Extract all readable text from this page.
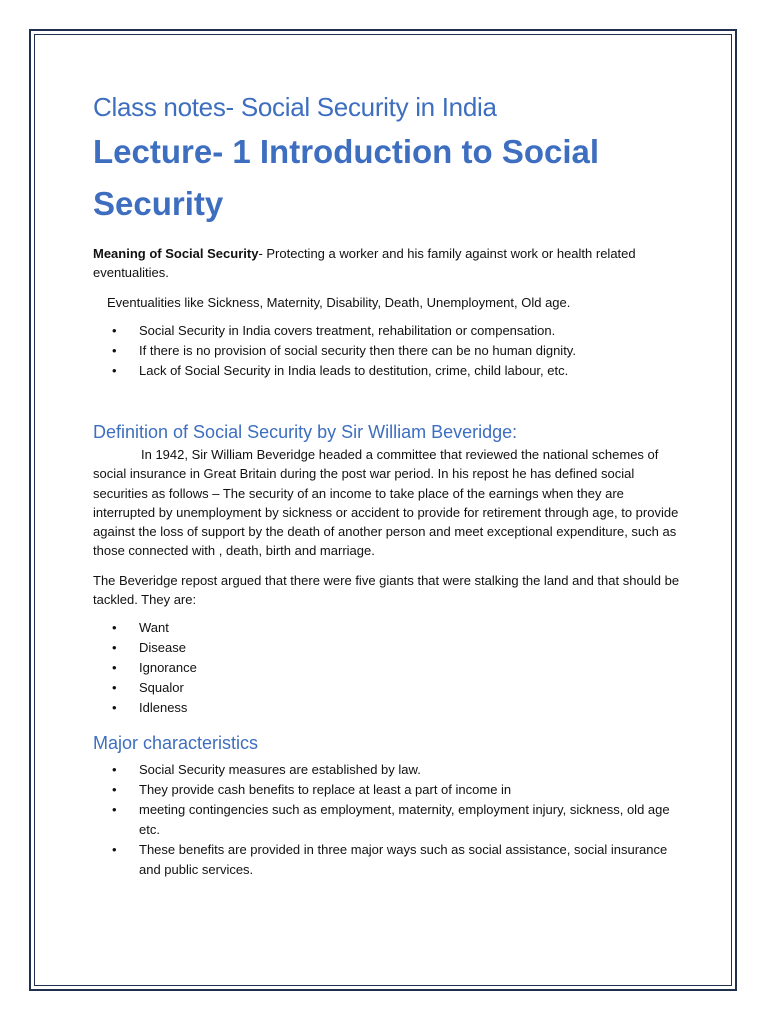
Class notes- Social Security in India
Lecture- 1 Introduction to Social Security

Meaning of Social Security- Protecting a worker and his family against work or health related eventualities.

Eventualities like Sickness, Maternity, Disability, Death, Unemployment, Old age.

• Social Security in India covers treatment, rehabilitation or compensation.
• If there is no provision of social security then there can be no human dignity.
• Lack of Social Security in India leads to destitution, crime, child labour, etc.
Definition of Social Security by Sir William Beveridge:

In 1942, Sir William Beveridge headed a committee that reviewed the national schemes of social insurance in Great Britain during the post war period. In his repost he has defined social securities as follows – The security of an income to take place of the earnings when they are interrupted by unemployment by sickness or accident to provide for retirement through age, to provide against the loss of support by the death of another person and meet exceptional expenditure, such as those connected with , death, birth and marriage.

The Beveridge repost argued that there were five giants that were stalking the land and that should be tackled. They are:

• Want
• Disease
• Ignorance
• Squalor
• Idleness
Major characteristics
• Social Security measures are established by law.
• They provide cash benefits to replace at least a part of income in
• meeting contingencies such as employment, maternity, employment injury, sickness, old age etc.
• These benefits are provided in three major ways such as social assistance, social insurance and public services.
